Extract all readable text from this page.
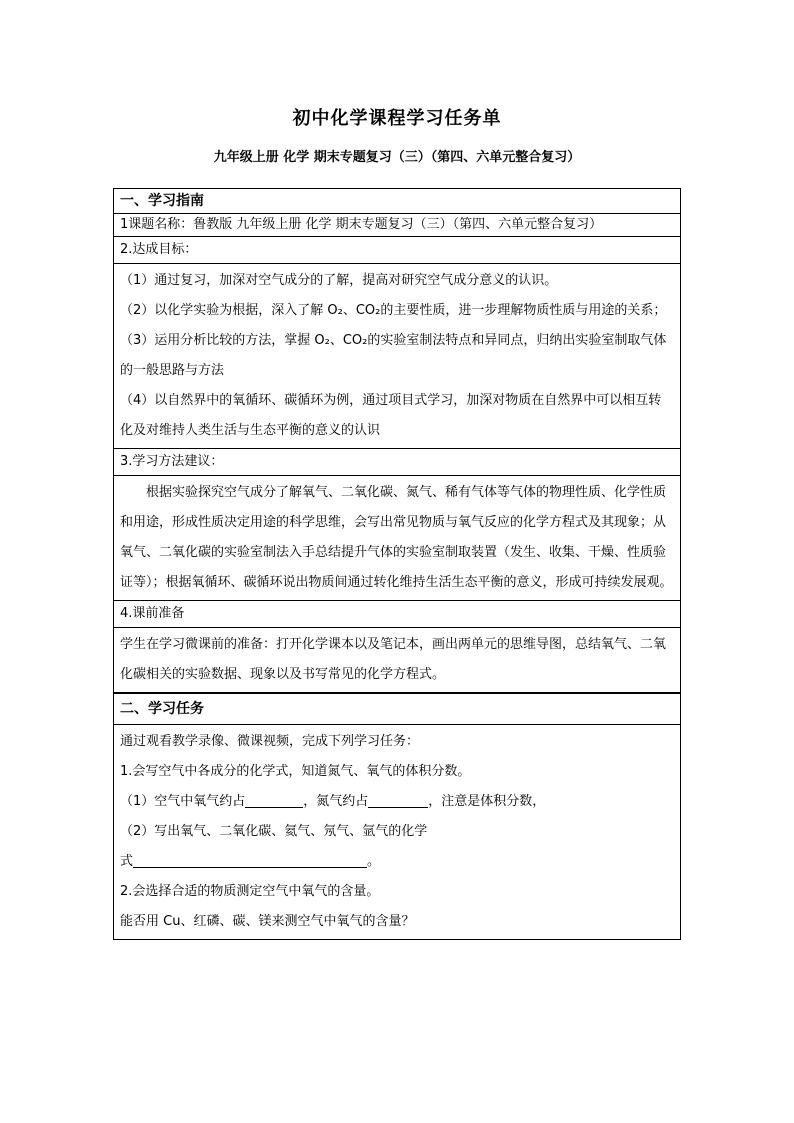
初中化学课程学习任务单
九年级上册 化学 期末专题复习（三）（第四、六单元整合复习）
一、学习指南
1课题名称：鲁教版 九年级上册 化学 期末专题复习（三）（第四、六单元整合复习）
2.达成目标：

（1）通过复习，加深对空气成分的了解，提高对研究空气成分意义的认识。
（2）以化学实验为根据，深入了解 O₂、CO₂的主要性质，进一步理解物质性质与用途的关系；
（3）运用分析比较的方法，掌握 O₂、CO₂的实验室制法特点和异同点，归纳出实验室制取气体的一般思路与方法
（4）以自然界中的氧循环、碳循环为例，通过项目式学习，加深对物质在自然界中可以相互转化及对维持人类生活与生态平衡的意义的认识

3.学习方法建议：

根据实验探究空气成分了解氧气、二氧化碳、氮气、稀有气体等气体的物理性质、化学性质和用途，形成性质决定用途的科学思维，会写出常见物质与氧气反应的化学方程式及其现象；从氧气、二氧化碳的实验室制法入手总结提升气体的实验室制取装置（发生、收集、干燥、性质验证等）；根据氧循环、碳循环说出物质间通过转化维持生活生态平衡的意义，形成可持续发展观。

4.课前准备

学生在学习微课前的准备：打开化学课本以及笔记本，画出两单元的思维导图，总结氧气、二氧化碳相关的实验数据、现象以及书写常见的化学方程式。

二、学习任务

通过观看教学录像、微课视频，完成下列学习任务：
1.会写空气中各成分的化学式，知道氮气、氧气的体积分数。
（1）空气中氧气约占	，氮气约占	，注意是体积分数，
（2）写出氧气、二氧化碳、氦气、氖气、氩气的化学
式	。
2.会选择合适的物质测定空气中氧气的含量。
能否用 Cu、红磷、碳、镁来测空气中氧气的含量？
